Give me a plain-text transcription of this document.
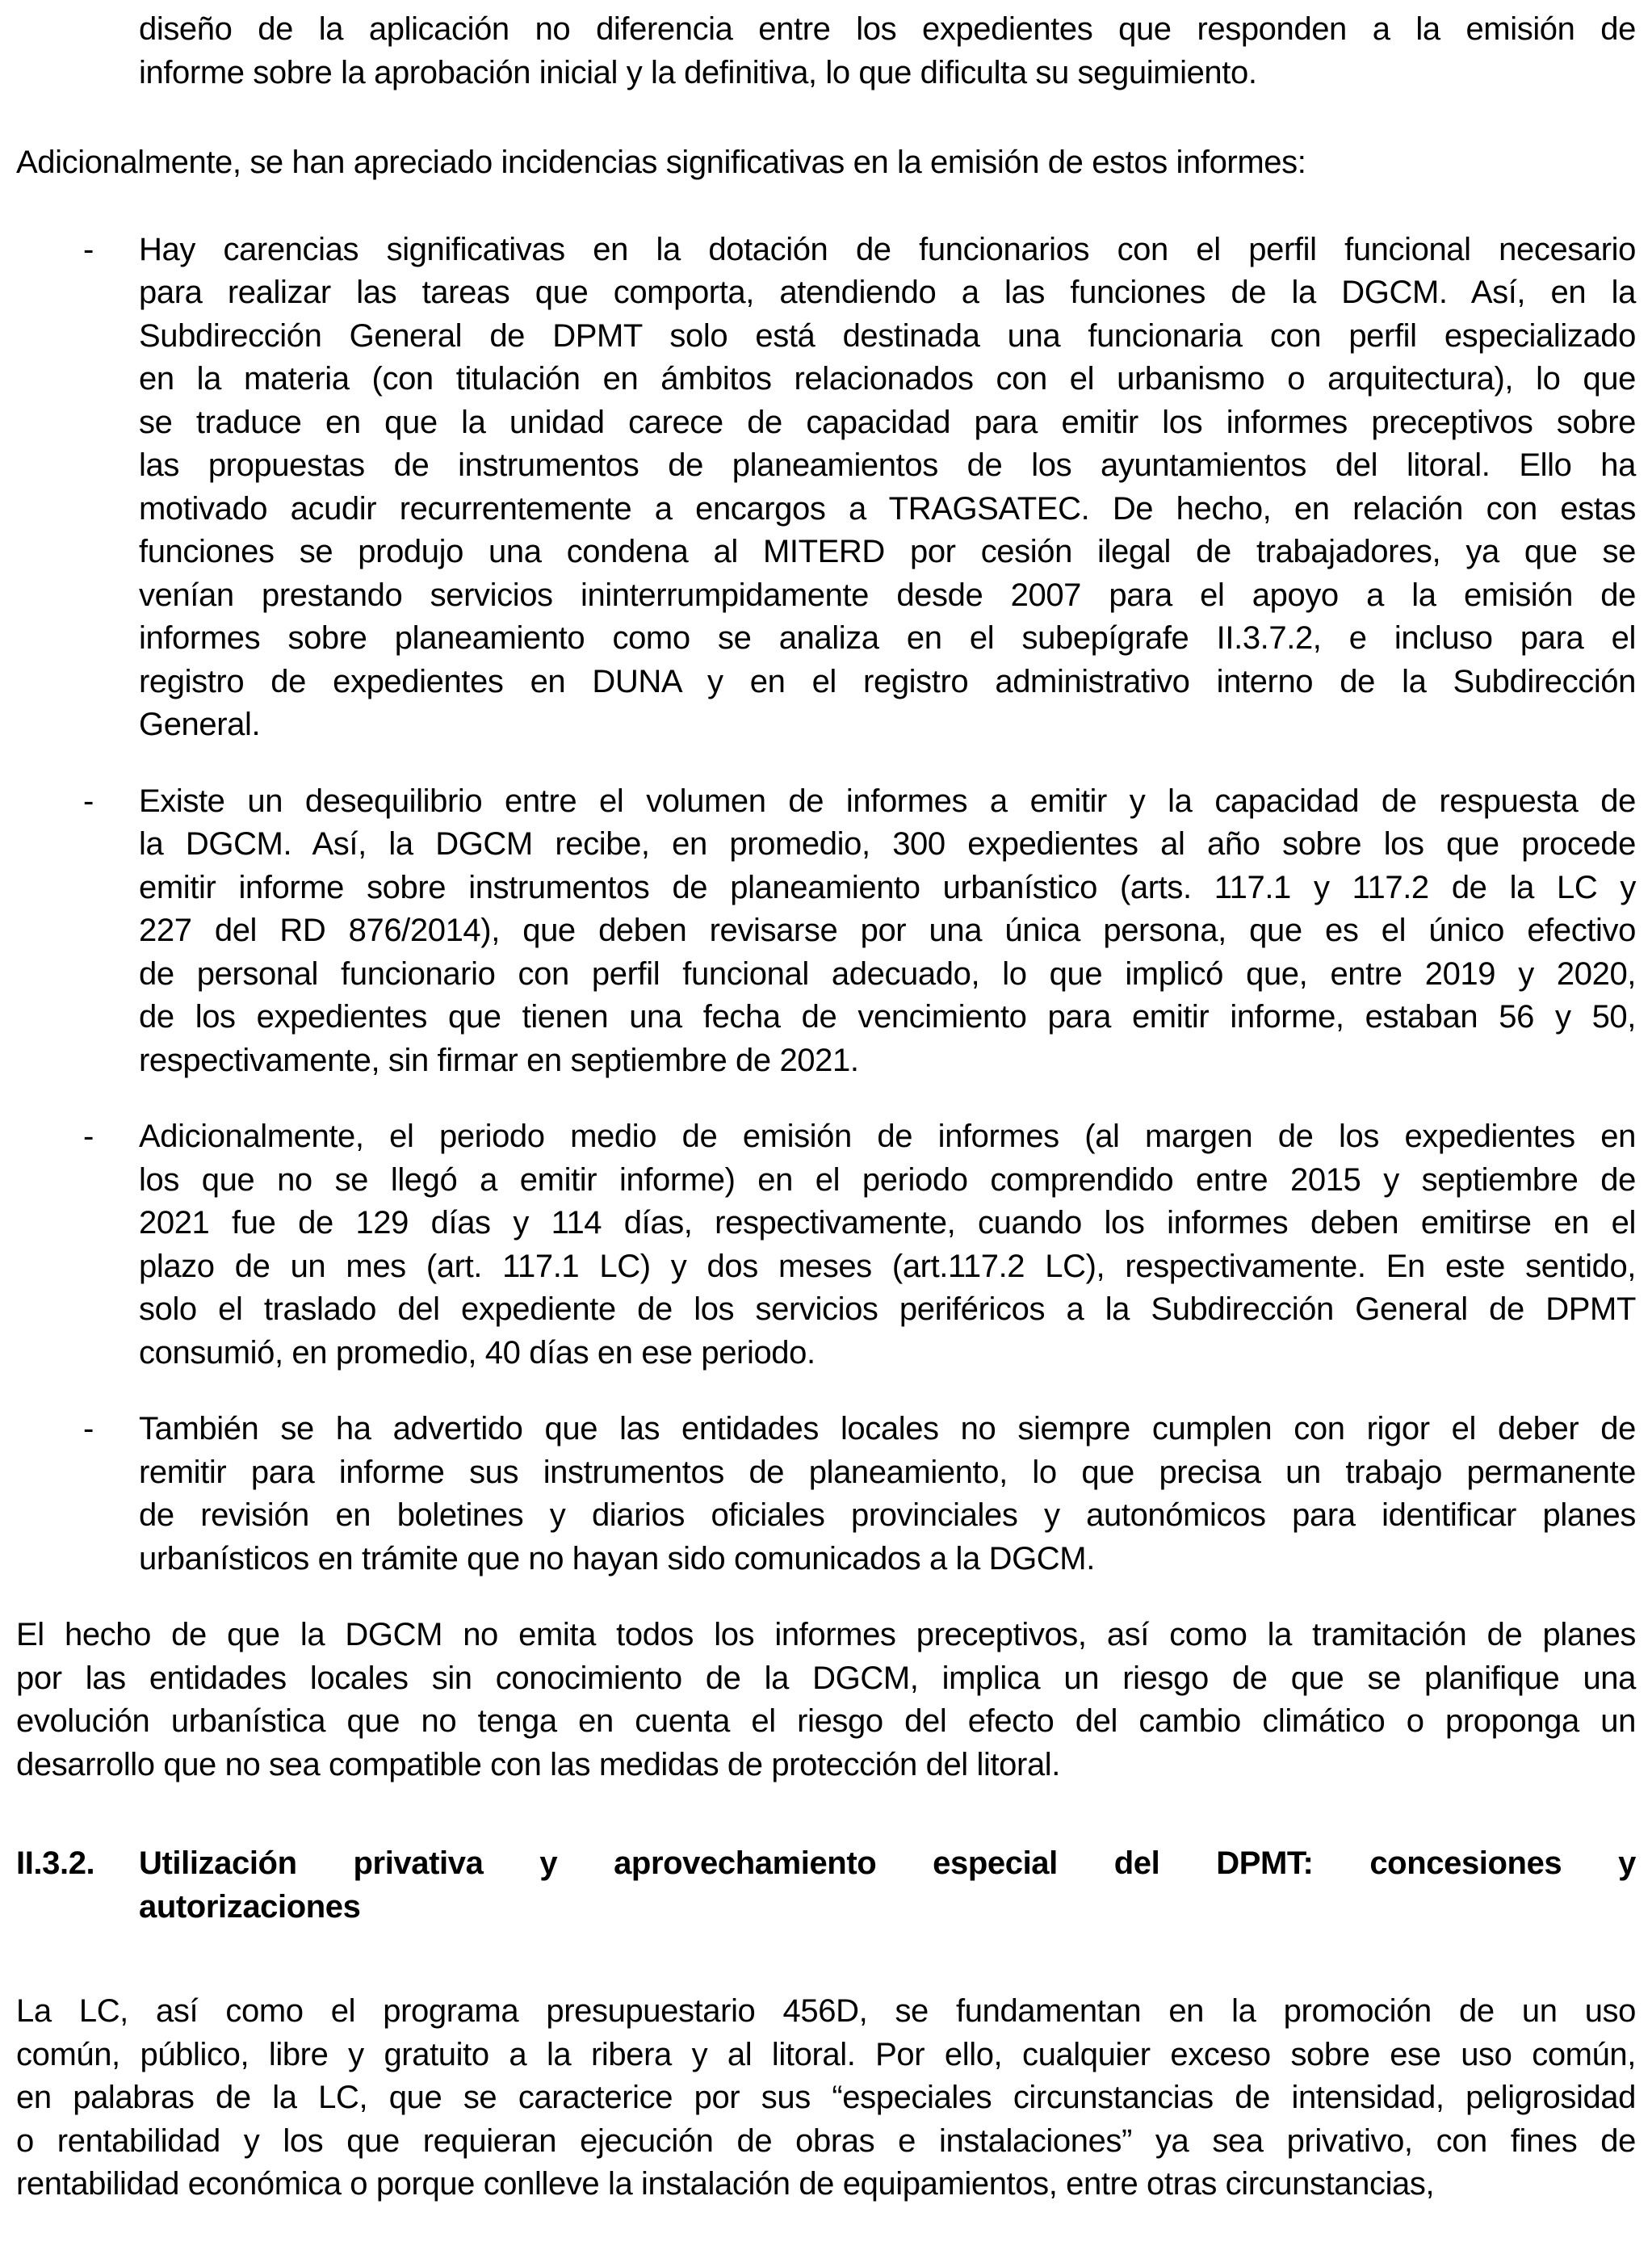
diseño de la aplicación no diferencia entre los expedientes que responden a la emisión de
informe sobre la aprobación inicial y la definitiva, lo que dificulta su seguimiento.
Adicionalmente, se han apreciado incidencias significativas en la emisión de estos informes:
- Hay carencias significativas en la dotación de funcionarios con el perfil funcional necesario
para realizar las tareas que comporta, atendiendo a las funciones de la DGCM. Así, en la
Subdirección General de DPMT solo está destinada una funcionaria con perfil especializado
en la materia (con titulación en ámbitos relacionados con el urbanismo o arquitectura), lo que
se traduce en que la unidad carece de capacidad para emitir los informes preceptivos sobre
las propuestas de instrumentos de planeamientos de los ayuntamientos del litoral. Ello ha
motivado acudir recurrentemente a encargos a TRAGSATEC. De hecho, en relación con estas
funciones se produjo una condena al MITERD por cesión ilegal de trabajadores, ya que se
venían prestando servicios ininterrumpidamente desde 2007 para el apoyo a la emisión de
informes sobre planeamiento como se analiza en el subepígrafe II.3.7.2, e incluso para el
registro de expedientes en DUNA y en el registro administrativo interno de la Subdirección
General.
- Existe un desequilibrio entre el volumen de informes a emitir y la capacidad de respuesta de
la DGCM. Así, la DGCM recibe, en promedio, 300 expedientes al año sobre los que procede
emitir informe sobre instrumentos de planeamiento urbanístico (arts. 117.1 y 117.2 de la LC y
227 del RD 876/2014), que deben revisarse por una única persona, que es el único efectivo
de personal funcionario con perfil funcional adecuado, lo que implicó que, entre 2019 y 2020,
de los expedientes que tienen una fecha de vencimiento para emitir informe, estaban 56 y 50,
respectivamente, sin firmar en septiembre de 2021.
- Adicionalmente, el periodo medio de emisión de informes (al margen de los expedientes en
los que no se llegó a emitir informe) en el periodo comprendido entre 2015 y septiembre de
2021 fue de 129 días y 114 días, respectivamente, cuando los informes deben emitirse en el
plazo de un mes (art. 117.1 LC) y dos meses (art.117.2 LC), respectivamente. En este sentido,
solo el traslado del expediente de los servicios periféricos a la Subdirección General de DPMT
consumió, en promedio, 40 días en ese periodo.
- También se ha advertido que las entidades locales no siempre cumplen con rigor el deber de
remitir para informe sus instrumentos de planeamiento, lo que precisa un trabajo permanente
de revisión en boletines y diarios oficiales provinciales y autonómicos para identificar planes
urbanísticos en trámite que no hayan sido comunicados a la DGCM.
El hecho de que la DGCM no emita todos los informes preceptivos, así como la tramitación de planes
por las entidades locales sin conocimiento de la DGCM, implica un riesgo de que se planifique una
evolución urbanística que no tenga en cuenta el riesgo del efecto del cambio climático o proponga un
desarrollo que no sea compatible con las medidas de protección del litoral.
II.3.2. Utilización privativa y aprovechamiento especial del DPMT: concesiones y
autorizaciones
La LC, así como el programa presupuestario 456D, se fundamentan en la promoción de un uso
común, público, libre y gratuito a la ribera y al litoral. Por ello, cualquier exceso sobre ese uso común,
en palabras de la LC, que se caracterice por sus “especiales circunstancias de intensidad, peligrosidad
o rentabilidad y los que requieran ejecución de obras e instalaciones” ya sea privativo, con fines de
rentabilidad económica o porque conlleve la instalación de equipamientos, entre otras circunstancias,
